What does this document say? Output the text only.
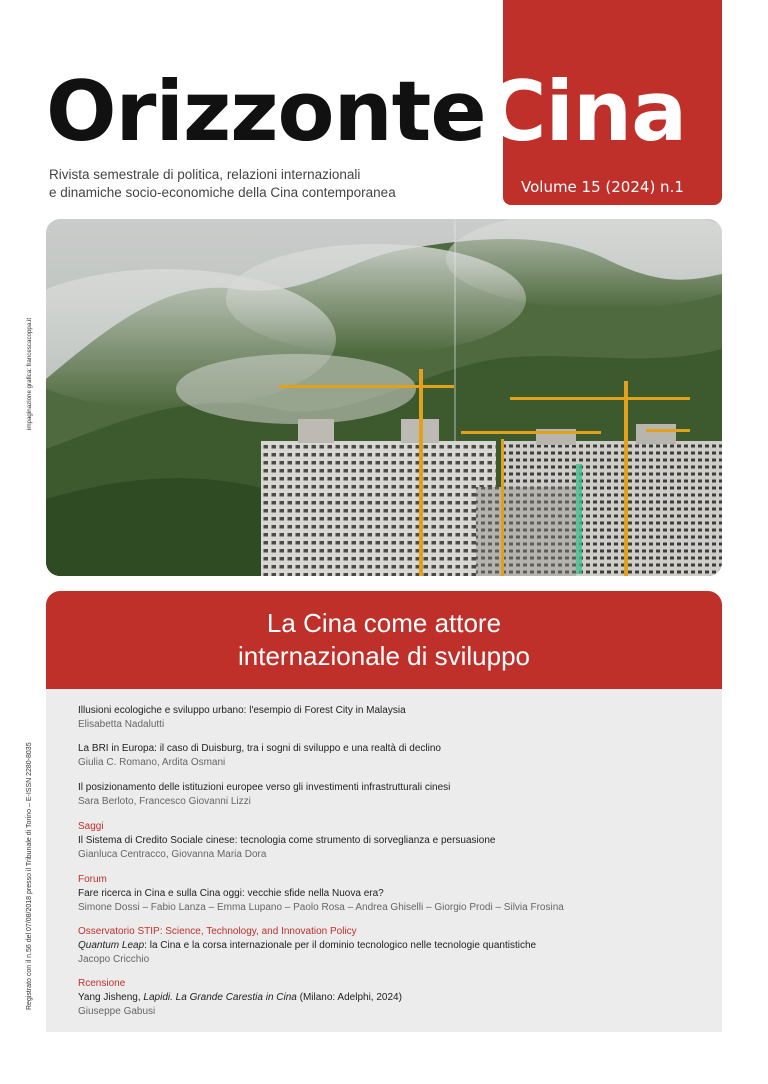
OrizzonteCina
Rivista semestrale di politica, relazioni internazionali
e dinamiche socio-economiche della Cina contemporanea	Volume 15 (2024) n.1
impaginazione grafica: francescacoppa.it
Registrato con il n.56 del 07/08/2018 presso il Tribunale di Torino – E-ISSN 2280-8035
La Cina come attore
internazionale di sviluppo
Illusioni ecologiche e sviluppo urbano: l'esempio di Forest City in Malaysia
Elisabetta Nadalutti
La BRI in Europa: il caso di Duisburg, tra i sogni di sviluppo e una realtà di declino
Giulia C. Romano, Ardita Osmani
Il posizionamento delle istituzioni europee verso gli investimenti infrastrutturali cinesi
Sara Berloto, Francesco Giovanni Lizzi
Saggi
Il Sistema di Credito Sociale cinese: tecnologia come strumento di sorveglianza e persuasione
Gianluca Centracco, Giovanna Maria Dora
Forum
Fare ricerca in Cina e sulla Cina oggi: vecchie sfide nella Nuova era?
Simone Dossi – Fabio Lanza – Emma Lupano – Paolo Rosa – Andrea Ghiselli – Giorgio Prodi – Silvia Frosina
Osservatorio STIP: Science, Technology, and Innovation Policy
Quantum Leap: la Cina e la corsa internazionale per il dominio tecnologico nelle tecnologie quantistiche
Jacopo Cricchio
Rcensione
Yang Jisheng, Lapidi. La Grande Carestia in Cina (Milano: Adelphi, 2024)
Giuseppe Gabusi
